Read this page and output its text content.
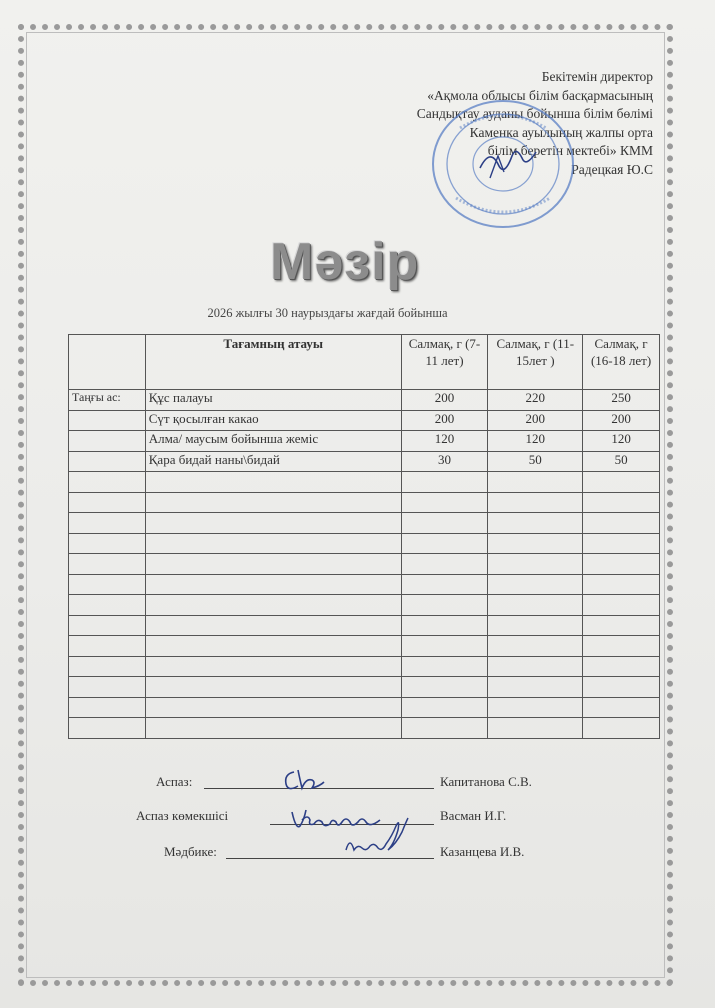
Бекітемін директор
«Ақмола облысы білім басқармасының
Сандықтау ауданы бойынша білім бөлімі
Каменка ауылының жалпы орта
білім беретін мектебі» КММ
Радецкая Ю.С
Мәзір
2026 жылғы 30 наурыздағы жағдай бойынша
	Тағамның атауы	Салмақ, г (7-11 лет)	Салмақ, г (11-15лет )	Салмақ, г (16-18 лет)
Таңғы ас:	Құс палауы	200	220	250
	Сүт қосылған какао	200	200	200
	Алма/ маусым бойынша жеміс	120	120	120
	Қара бидай наны\бидай	30	50	50

Аспаз:	Капитанова С.В.
Аспаз көмекшісі	Васман И.Г.
Мәдбике:	Казанцева И.В.
